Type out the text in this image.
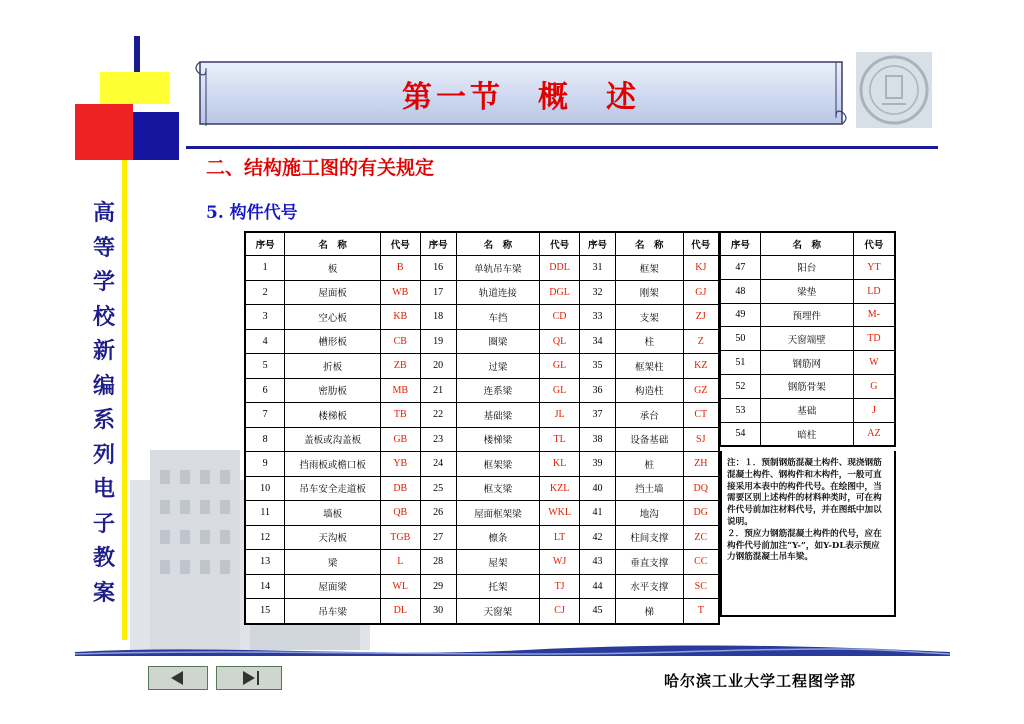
第一节　概　述
高
等
学
校
新
编
系
列
电
子
教
案
二、结构施工图的有关规定
5. 构件代号
序号	名　称	代号	序号	名　称	代号	序号	名　称	代号
1	板	B	16	单轨吊车梁	DDL	31	框架	KJ
2	屋面板	WB	17	轨道连接	DGL	32	刚架	GJ
3	空心板	KB	18	车挡	CD	33	支架	ZJ
4	槽形板	CB	19	圈梁	QL	34	柱	Z
5	折板	ZB	20	过梁	GL	35	框架柱	KZ
6	密肋板	MB	21	连系梁	GL	36	构造柱	GZ
7	楼梯板	TB	22	基础梁	JL	37	承台	CT
8	盖板或沟盖板	GB	23	楼梯梁	TL	38	设备基础	SJ
9	挡雨板或檐口板	YB	24	框架梁	KL	39	桩	ZH
10	吊车安全走道板	DB	25	框支梁	KZL	40	挡土墙	DQ
11	墙板	QB	26	屋面框架梁	WKL	41	地沟	DG
12	天沟板	TGB	27	檩条	LT	42	柱间支撑	ZC
13	梁	L	28	屋架	WJ	43	垂直支撑	CC
14	屋面梁	WL	29	托架	TJ	44	水平支撑	SC
15	吊车梁	DL	30	天窗架	CJ	45	梯	T
序号	名　称	代号
47	阳台	YT
48	梁垫	LD
49	预埋件	M-
50	天窗端壁	TD
51	钢筋网	W
52	钢筋骨架	G
53	基础	J
54	暗柱	AZ
注：１．预制钢筋混凝土构件、现浇钢筋混凝土构件、钢构件和木构件，一般可直接采用本表中的构件代号。在绘图中，当需要区别上述构件的材料种类时，可在构件代号前加注材料代号，并在图纸中加以说明。
２．预应力钢筋混凝土构件的代号，应在构件代号前加注“Y-”，如Y-DL表示预应力钢筋混凝土吊车梁。
哈尔滨工业大学工程图学部
